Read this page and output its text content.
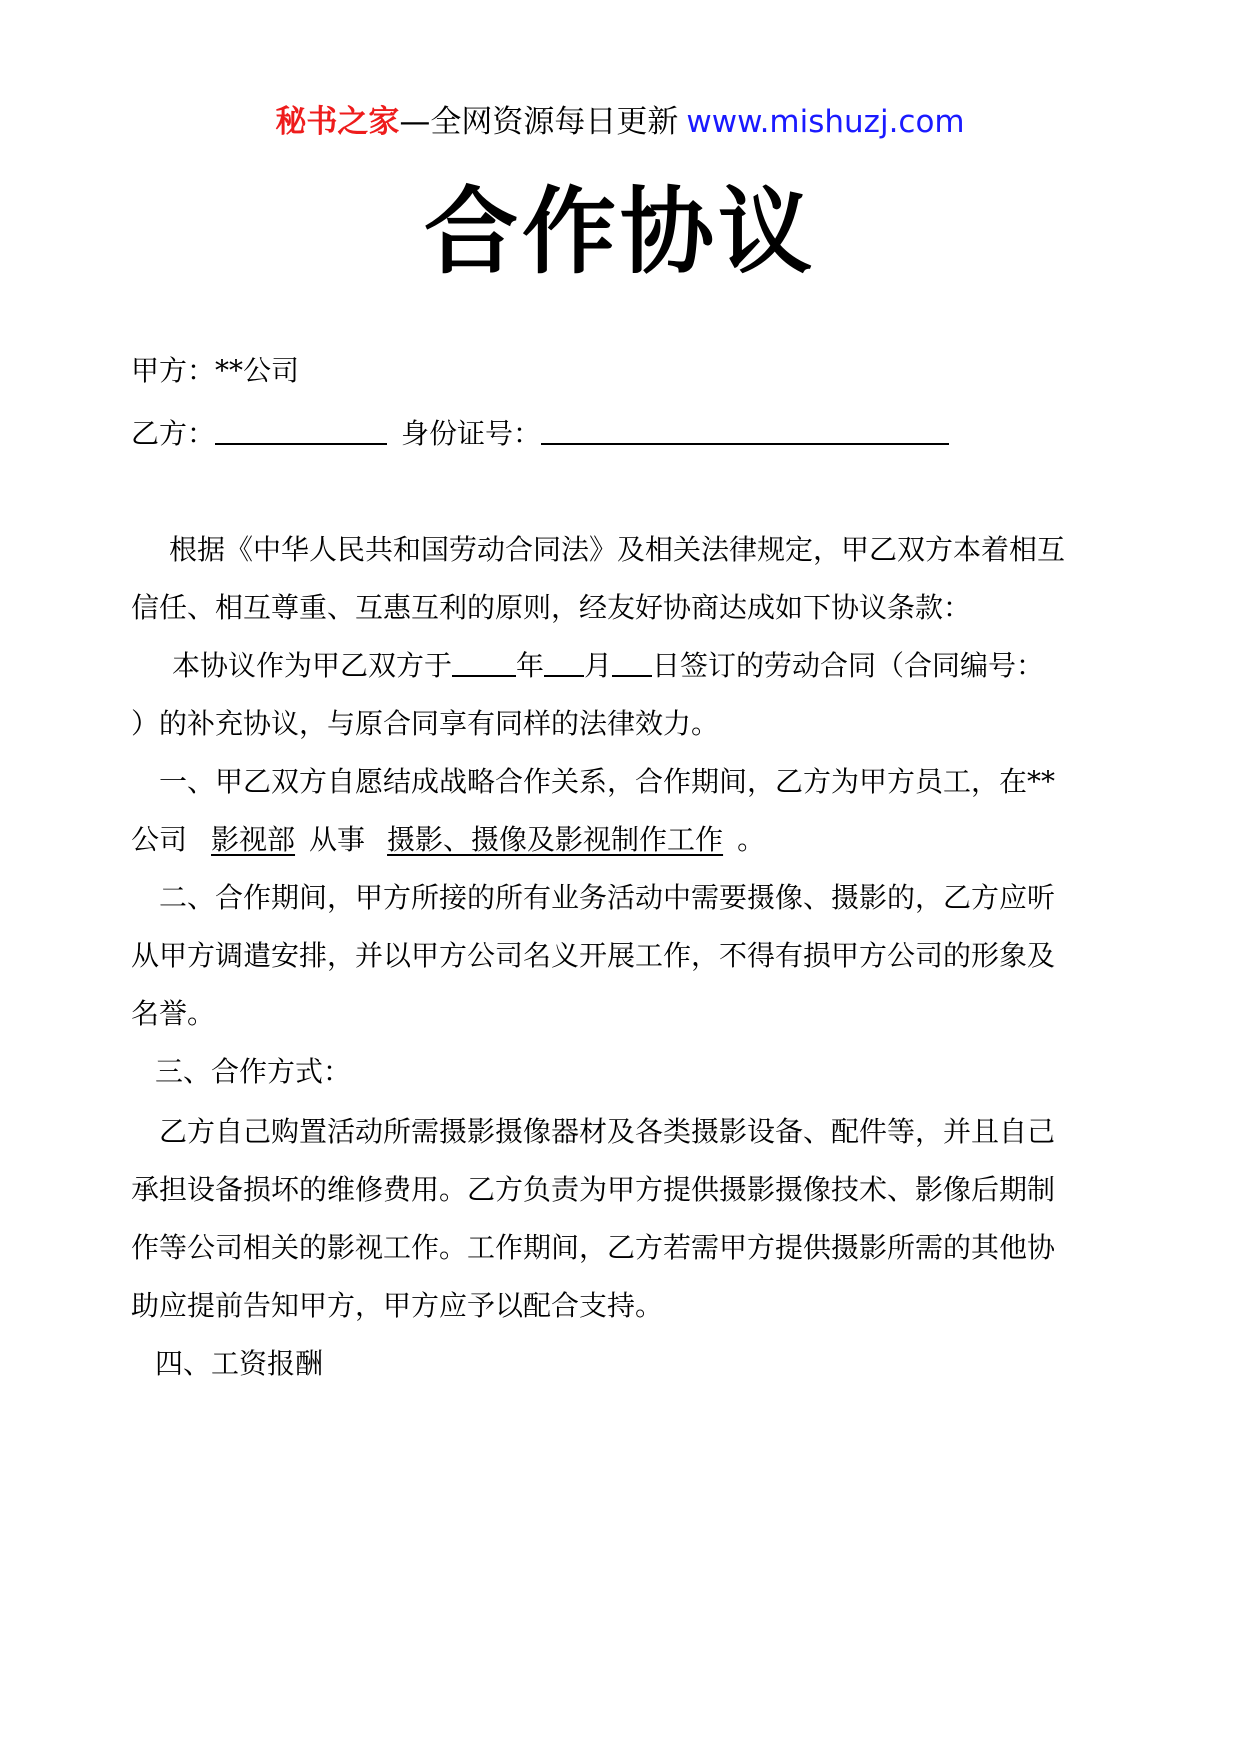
秘书之家—全网资源每日更新 www.mishuzj.com
合作协议
甲方：**公司
乙方：	身份证号：
根据《中华人民共和国劳动合同法》及相关法律规定，甲乙双方本着相互
信任、相互尊重、互惠互利的原则，经友好协商达成如下协议条款：
本协议作为甲乙双方于 年 月 日签订的劳动合同（合同编号：
）的补充协议，与原合同享有同样的法律效力。
一、甲乙双方自愿结成战略合作关系，合作期间，乙方为甲方员工，在**
公司 影视部 从事 摄影、摄像及影视制作工作 。
二、合作期间，甲方所接的所有业务活动中需要摄像、摄影的，乙方应听
从甲方调遣安排，并以甲方公司名义开展工作，不得有损甲方公司的形象及
名誉。
三、合作方式：
乙方自己购置活动所需摄影摄像器材及各类摄影设备、配件等，并且自己
承担设备损坏的维修费用。乙方负责为甲方提供摄影摄像技术、影像后期制
作等公司相关的影视工作。工作期间，乙方若需甲方提供摄影所需的其他协
助应提前告知甲方，甲方应予以配合支持。
四、工资报酬
